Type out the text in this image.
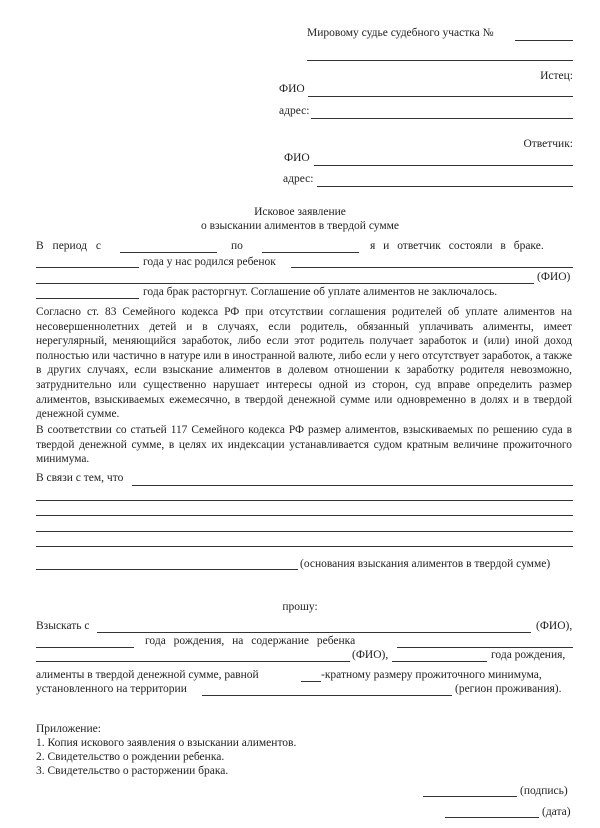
Мировому судье судебного участка №
Истец:
ФИО
адрес:
Ответчик:
ФИО
адрес:
Исковое заявление
о взыскании алиментов в твердой сумме
В период с	по	я и ответчик состояли в браке.
года у нас родился ребенок
(ФИО)
года брак расторгнут. Соглашение об уплате алиментов не заключалось.
Согласно ст. 83 Семейного кодекса РФ при отсутствии соглашения родителей об уплате алиментов на несовершеннолетних детей и в случаях, если родитель, обязанный уплачивать алименты, имеет нерегулярный, меняющийся заработок, либо если этот родитель получает заработок и (или) иной доход полностью или частично в натуре или в иностранной валюте, либо если у него отсутствует заработок, а также в других случаях, если взыскание алиментов в долевом отношении к заработку родителя невозможно, затруднительно или существенно нарушает интересы одной из сторон, суд вправе определить размер алиментов, взыскиваемых ежемесячно, в твердой денежной сумме или одновременно в долях и в твердой денежной сумме.
В соответствии со статьей 117 Семейного кодекса РФ размер алиментов, взыскиваемых по решению суда в твердой денежной сумме, в целях их индексации устанавливается судом кратным величине прожиточного минимума.
В связи с тем, что
(основания взыскания алиментов в твердой сумме)
прошу:
Взыскать с	(ФИО),
года рождения, на содержание ребенка
(ФИО),	года рождения,
алименты в твердой денежной сумме, равной	-кратному размеру прожиточного минимума,
установленного на территории	(регион проживания).
Приложение:
1. Копия искового заявления о взыскании алиментов.
2. Свидетельство о рождении ребенка.
3. Свидетельство о расторжении брака.
(подпись)
(дата)
